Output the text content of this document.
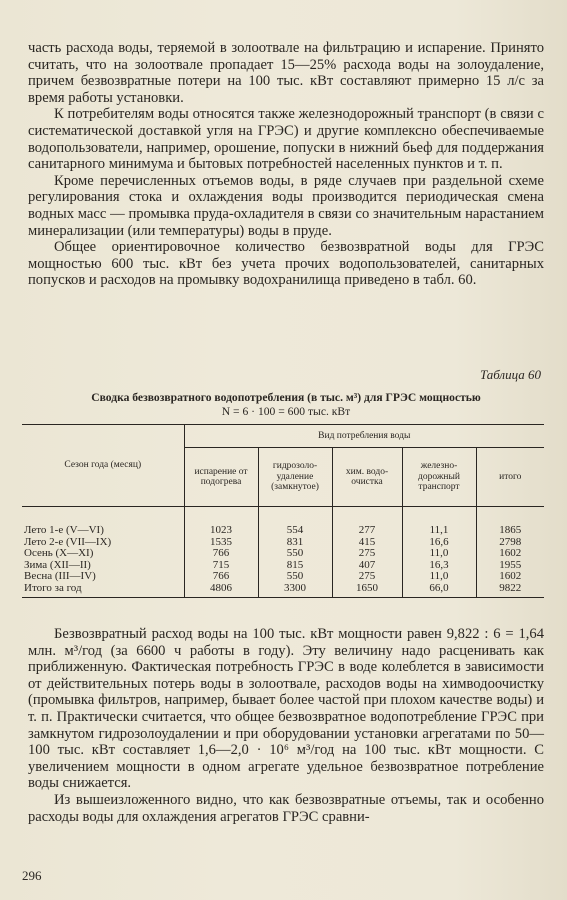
часть расхода воды, теряемой в золоотвале на фильтрацию и испарение. Принято считать, что на золоотвале пропадает 15—25% расхода воды на золоудаление, причем безвозвратные потери на 100 тыс. кВт составляют примерно 15 л/с за время работы установки.

К потребителям воды относятся также железнодорожный транспорт (в связи с систематической доставкой угля на ГРЭС) и другие комплексно обеспечиваемые водопользователи, например, орошение, попуски в нижний бьеф для поддержания санитарного минимума и бытовых потребностей населенных пунктов и т. п.

Кроме перечисленных отъемов воды, в ряде случаев при раздельной схеме регулирования стока и охлаждения воды производится периодическая смена водных масс — промывка пруда-охладителя в связи со значительным нарастанием минерализации (или температуры) воды в пруде.

Общее ориентировочное количество безвозвратной воды для ГРЭС мощностью 600 тыс. кВт без учета прочих водопользователей, санитарных попусков и расходов на промывку водохранилища приведено в табл. 60.

Таблица 60
Сводка безвозвратного водопотребления (в тыс. м³) для ГРЭС мощностью
N = 6 · 100 = 600 тыс. кВт
Сезон года (месяц)	Вид потребления воды				
	испарение от подогрева	гидрозоло-удаление (замкнутое)	хим. водо-очистка	железно-дорожный транспорт	итого
Лето 1-е (V—VI)	1023	554	277	11,1	1865
Лето 2-е (VII—IX)	1535	831	415	16,6	2798
Осень (X—XI)	766	550	275	11,0	1602
Зима (XII—II)	715	815	407	16,3	1955
Весна (III—IV)	766	550	275	11,0	1602
Итого за год	4806	3300	1650	66,0	9822

Безвозвратный расход воды на 100 тыс. кВт мощности равен 9,822 : 6 = 1,64 млн. м³/год (за 6600 ч работы в году). Эту величину надо расценивать как приближенную. Фактическая потребность ГРЭС в воде колеблется в зависимости от действительных потерь воды в золоотвале, расходов воды на химводоочистку (промывка фильтров, например, бывает более частой при плохом качестве воды) и т. п. Практически считается, что общее безвозвратное водопотребление ГРЭС при замкнутом гидрозолоудалении и при оборудовании установки агрегатами по 50—100 тыс. кВт составляет 1,6—2,0 · 10⁶ м³/год на 100 тыс. кВт мощности. С увеличением мощности в одном агрегате удельное безвозвратное потребление воды снижается.

Из вышеизложенного видно, что как безвозвратные отъемы, так и особенно расходы воды для охлаждения агрегатов ГРЭС сравни-

296
